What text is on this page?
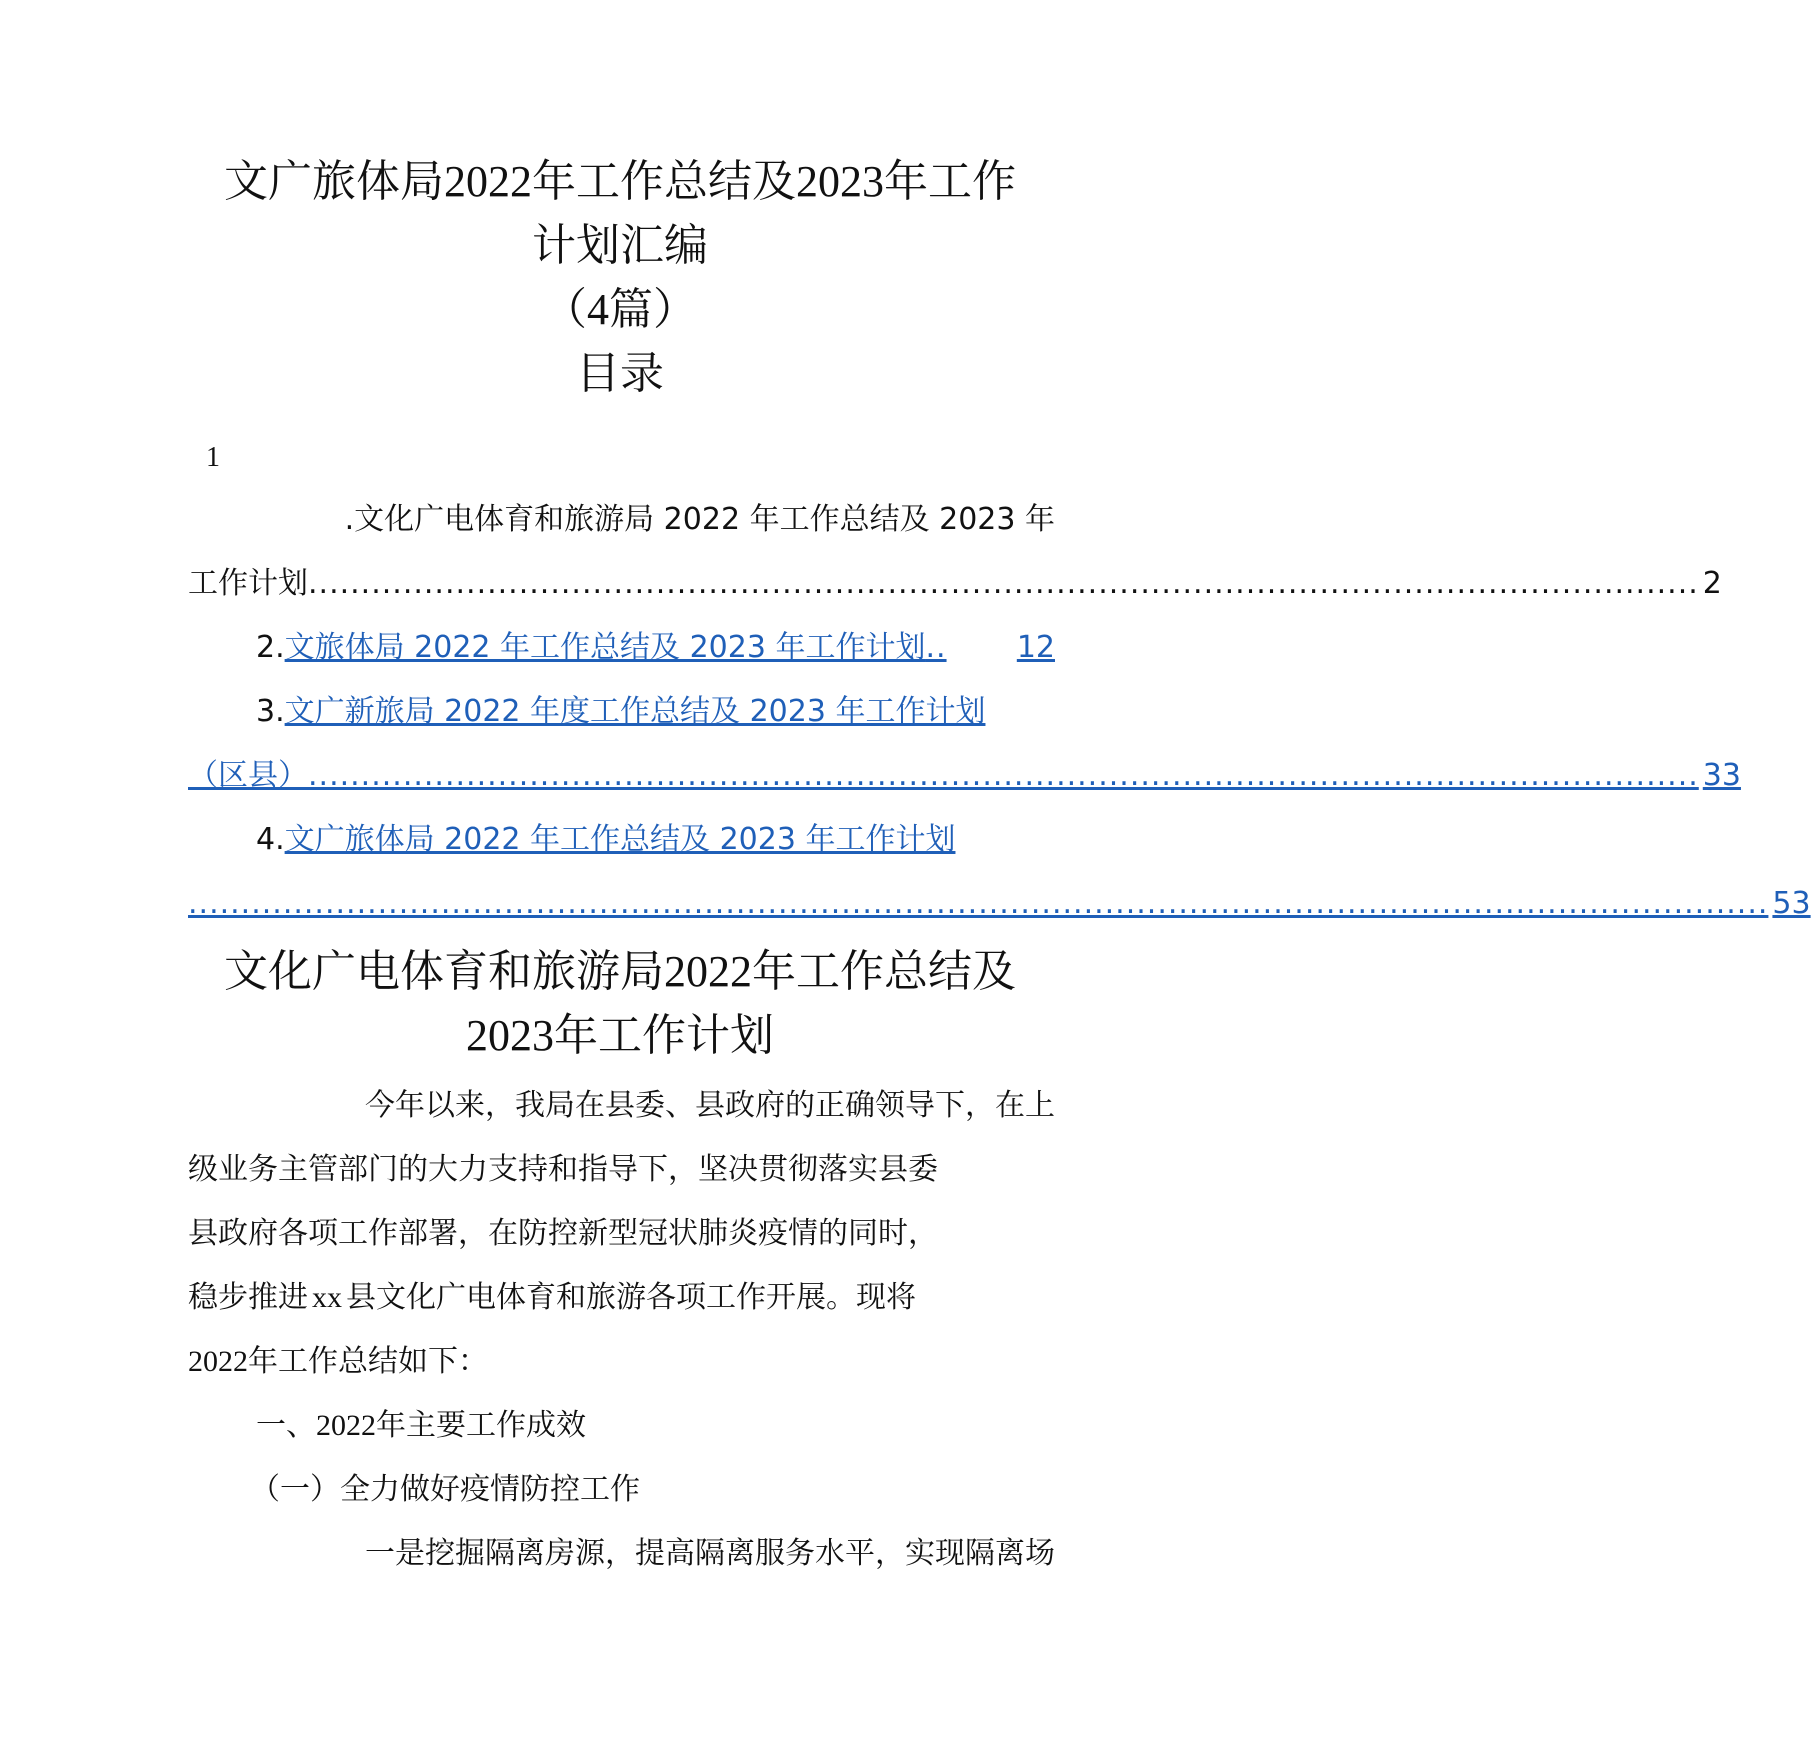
文广旅体局2022年工作总结及2023年工作
计划汇编
（4篇）
目录
1
.文化广电体育和旅游局 2022 年工作总结及 2023 年
工作计划 .................................................................................................................................... 2
2. 文旅体局 2022 年工作总结及 2023 年工作计划 ..	12
3.文广新旅局 2022 年度工作总结及 2023 年工作计划
（区县） .................................................................................................................................... 33
4.文广旅体局 2022 年工作总结及 2023 年工作计划
...................................................................................................................................................... 53
文化广电体育和旅游局2022年工作总结及
2023年工作计划
今年以来，我局在县委、县政府的正确领导下，在上
级业务主管部门的大力支持和指导下，坚决贯彻落实县委
县政府各项工作部署，在防控新型冠状肺炎疫情的同时，
稳步推进 xx 县文化广电体育和旅游各项工作开展。现将
2022年工作总结如下：
一、2022年主要工作成效
（一）全力做好疫情防控工作
一是挖掘隔离房源，提高隔离服务水平，实现隔离场
